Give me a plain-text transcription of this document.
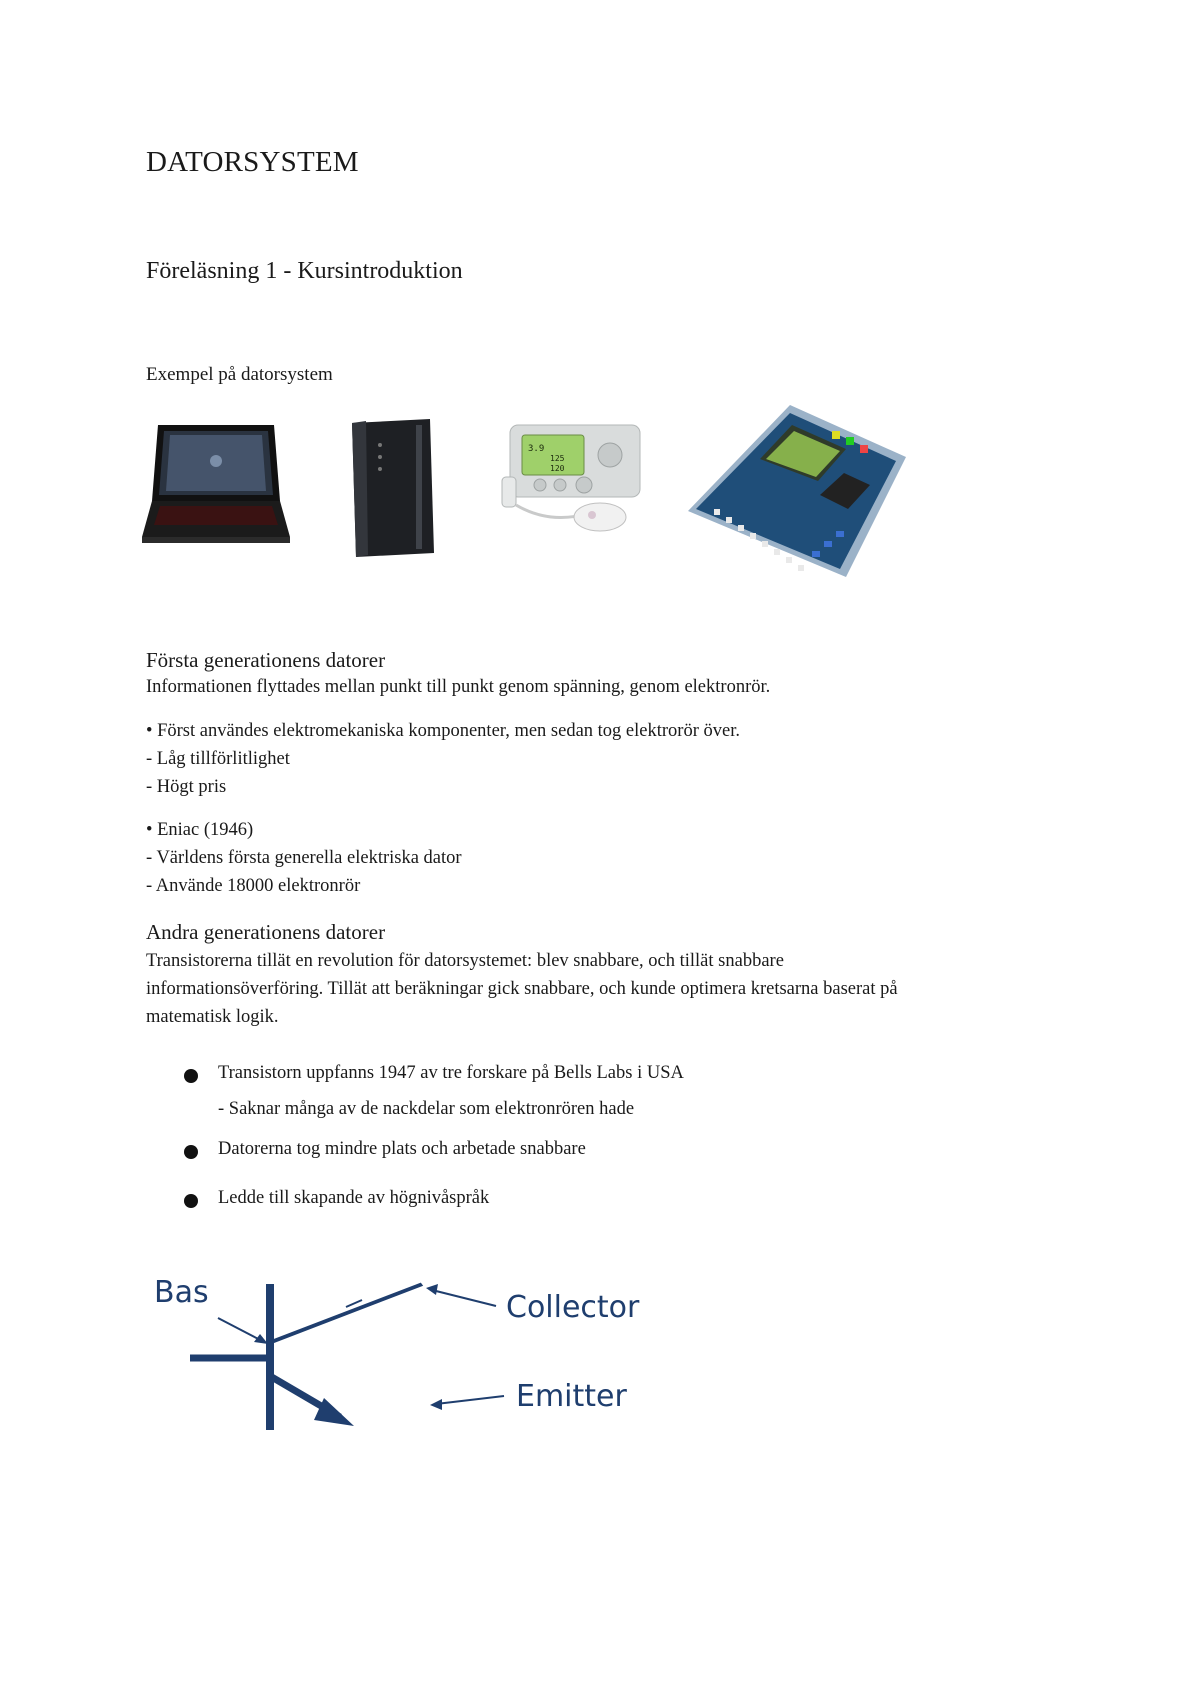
DATORSYSTEM
Föreläsning 1 - Kursintroduktion
Exempel på datorsystem
3.9
125
120
Första generationens datorer
Informationen flyttades mellan punkt till punkt genom spänning, genom elektronrör.
• Först användes elektromekaniska komponenter, men sedan tog elektrorör över.
- Låg tillförlitlighet
- Högt pris
• Eniac (1946)
- Världens första generella elektriska dator
- Använde 18000 elektronrör
Andra generationens datorer
Transistorerna tillät en revolution för datorsystemet: blev snabbare, och tillät snabbare
informationsöverföring. Tillät att beräkningar gick snabbare, och kunde optimera kretsarna baserat på
matematisk logik.
Transistorn uppfanns 1947 av tre forskare på Bells Labs i USA
- Saknar många av de nackdelar som elektronrören hade
Datorerna tog mindre plats och arbetade snabbare
Ledde till skapande av högnivåspråk
Bas	Collector
Emitter
